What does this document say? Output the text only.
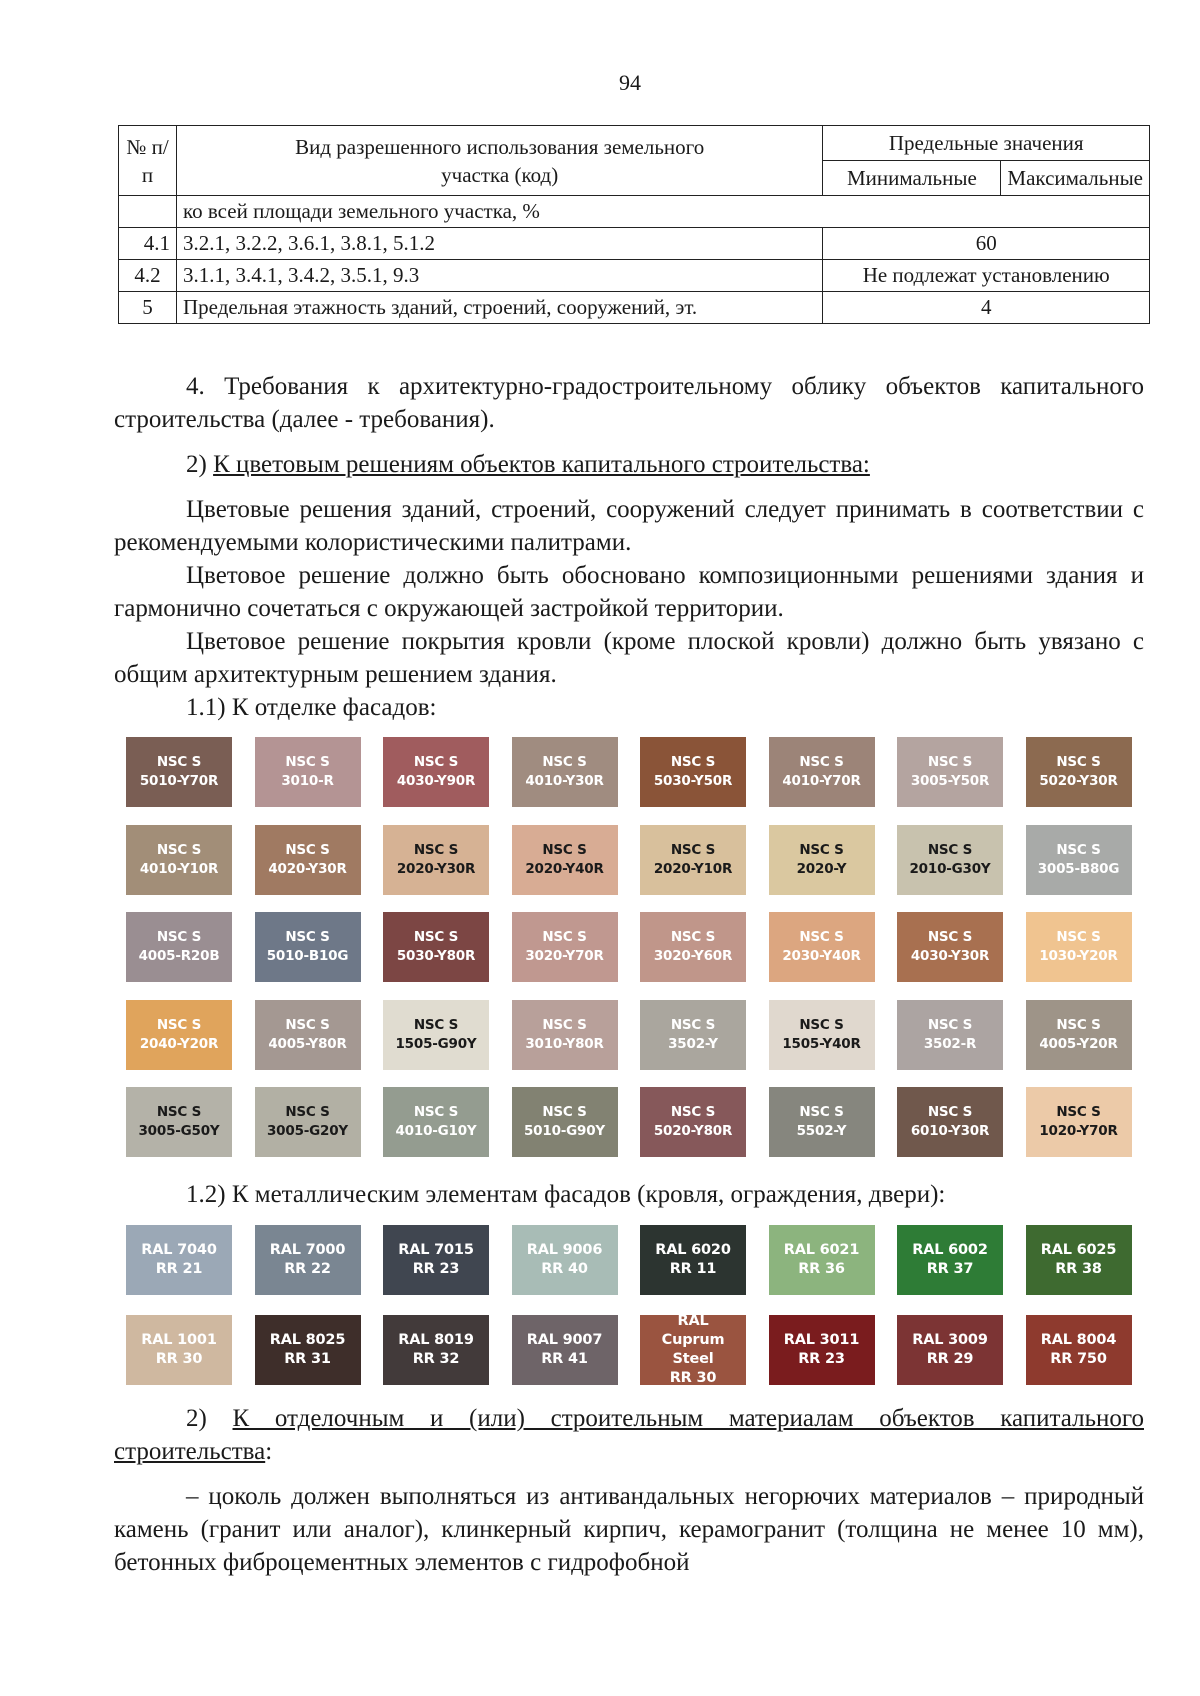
94
№ п/п	Вид разрешенного использования земельного участка (код)	Предельные значения	
		Минимальные	Максимальные
	ко всей площади земельного участка, %		
4.1	3.2.1, 3.2.2, 3.6.1, 3.8.1, 5.1.2	60	
4.2	3.1.1, 3.4.1, 3.4.2, 3.5.1, 9.3	Не подлежат установлению	
5	Предельная этажность зданий, строений, сооружений, эт.	4	

4. Требования к архитектурно-градостроительному облику объектов капитального строительства (далее - требования).

2) К цветовым решениям объектов капитального строительства:

Цветовые решения зданий, строений, сооружений следует принимать в соответствии с рекомендуемыми колористическими палитрами.

Цветовое решение должно быть обосновано композиционными решениями здания и гармонично сочетаться с окружающей застройкой территории.

Цветовое решение покрытия кровли (кроме плоской кровли) должно быть увязано с общим архитектурным решением здания.

1.1) К отделке фасадов:

NSC S
5010-Y70R
NSC S
3010-R
NSC S
4030-Y90R
NSC S
4010-Y30R
NSC S
5030-Y50R
NSC S
4010-Y70R
NSC S
3005-Y50R
NSC S
5020-Y30R
NSC S
4010-Y10R
NSC S
4020-Y30R
NSC S
2020-Y30R
NSC S
2020-Y40R
NSC S
2020-Y10R
NSC S
2020-Y
NSC S
2010-G30Y
NSC S
3005-B80G
NSC S
4005-R20B
NSC S
5010-B10G
NSC S
5030-Y80R
NSC S
3020-Y70R
NSC S
3020-Y60R
NSC S
2030-Y40R
NSC S
4030-Y30R
NSC S
1030-Y20R
NSC S
2040-Y20R
NSC S
4005-Y80R
NSC S
1505-G90Y
NSC S
3010-Y80R
NSC S
3502-Y
NSC S
1505-Y40R
NSC S
3502-R
NSC S
4005-Y20R
NSC S
3005-G50Y
NSC S
3005-G20Y
NSC S
4010-G10Y
NSC S
5010-G90Y
NSC S
5020-Y80R
NSC S
5502-Y
NSC S
6010-Y30R
NSC S
1020-Y70R

1.2) К металлическим элементам фасадов (кровля, ограждения, двери):

RAL 7040
RR 21
RAL 7000
RR 22
RAL 7015
RR 23
RAL 9006
RR 40
RAL 6020
RR 11
RAL 6021
RR 36
RAL 6002
RR 37
RAL 6025
RR 38
RAL 1001
RR 30
RAL 8025
RR 31
RAL 8019
RR 32
RAL 9007
RR 41
RAL
Cuprum Steel
RR 30
RAL 3011
RR 23
RAL 3009
RR 29
RAL 8004
RR 750

2) К отделочным и (или) строительным материалам объектов капитального строительства:

– цоколь должен выполняться из антивандальных негорючих материалов – природный камень (гранит или аналог), клинкерный кирпич, керамогранит (толщина не менее 10 мм), бетонных фиброцементных элементов с гидрофобной
